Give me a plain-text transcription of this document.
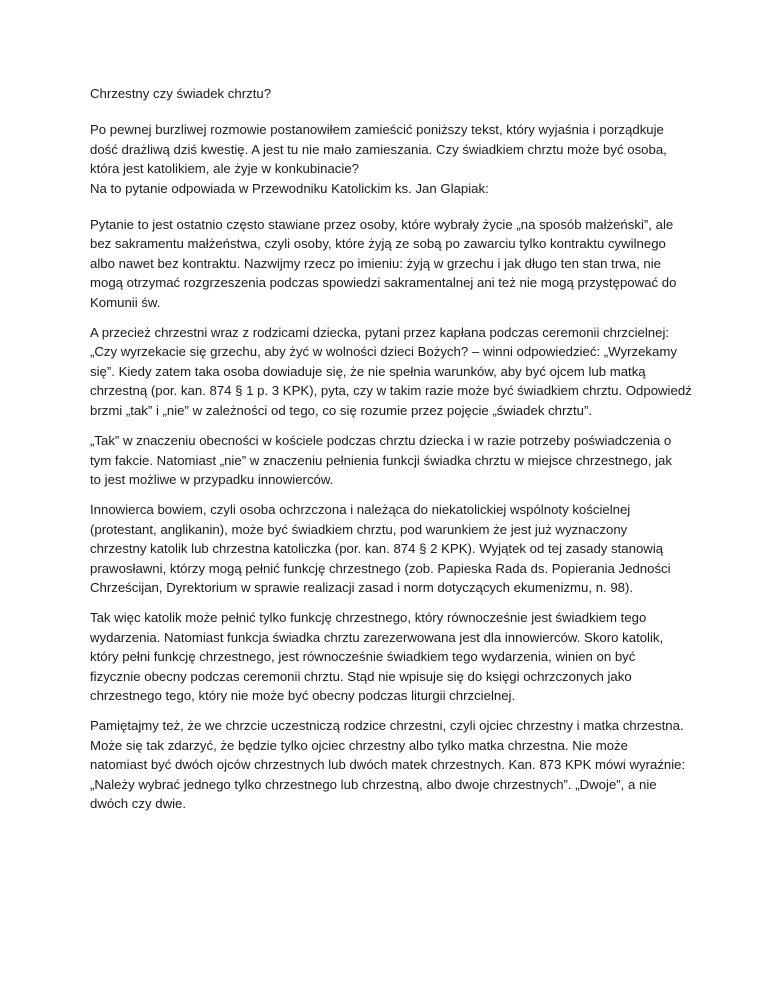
Chrzestny czy świadek chrztu?
Po pewnej burzliwej rozmowie postanowiłem zamieścić poniższy tekst, który wyjaśnia i porządkuje
dość drażliwą dziś kwestię. A jest tu nie mało zamieszania. Czy świadkiem chrztu może być osoba,
która jest katolikiem, ale żyje w konkubinacie?
Na to pytanie odpowiada w Przewodniku Katolickim ks. Jan Glapiak:
Pytanie to jest ostatnio często stawiane przez osoby, które wybrały życie „na sposób małżeński”, ale
bez sakramentu małżeństwa, czyli osoby, które żyją ze sobą po zawarciu tylko kontraktu cywilnego
albo nawet bez kontraktu. Nazwijmy rzecz po imieniu: żyją w grzechu i jak długo ten stan trwa, nie
mogą otrzymać rozgrzeszenia podczas spowiedzi sakramentalnej ani też nie mogą przystępować do
Komunii św.
A przecież chrzestni wraz z rodzicami dziecka, pytani przez kapłana podczas ceremonii chrzcielnej:
„Czy wyrzekacie się grzechu, aby żyć w wolności dzieci Bożych? – winni odpowiedzieć: „Wyrzekamy
się”. Kiedy zatem taka osoba dowiaduje się, że nie spełnia warunków, aby być ojcem lub matką
chrzestną (por. kan. 874 § 1 p. 3 KPK), pyta, czy w takim razie może być świadkiem chrztu. Odpowiedź
brzmi „tak” i „nie” w zależności od tego, co się rozumie przez pojęcie „świadek chrztu”.
„Tak” w znaczeniu obecności w kościele podczas chrztu dziecka i w razie potrzeby poświadczenia o
tym fakcie. Natomiast „nie” w znaczeniu pełnienia funkcji świadka chrztu w miejsce chrzestnego, jak
to jest możliwe w przypadku innowierców.
Innowierca bowiem, czyli osoba ochrzczona i należąca do niekatolickiej wspólnoty kościelnej
(protestant, anglikanin), może być świadkiem chrztu, pod warunkiem że jest już wyznaczony
chrzestny katolik lub chrzestna katoliczka (por. kan. 874 § 2 KPK). Wyjątek od tej zasady stanowią
prawosławni, którzy mogą pełnić funkcję chrzestnego (zob. Papieska Rada ds. Popierania Jedności
Chrześcijan, Dyrektorium w sprawie realizacji zasad i norm dotyczących ekumenizmu, n. 98).
Tak więc katolik może pełnić tylko funkcję chrzestnego, który równocześnie jest świadkiem tego
wydarzenia. Natomiast funkcja świadka chrztu zarezerwowana jest dla innowierców. Skoro katolik,
który pełni funkcję chrzestnego, jest równocześnie świadkiem tego wydarzenia, winien on być
fizycznie obecny podczas ceremonii chrztu. Stąd nie wpisuje się do księgi ochrzczonych jako
chrzestnego tego, który nie może być obecny podczas liturgii chrzcielnej.
Pamiętajmy też, że we chrzcie uczestniczą rodzice chrzestni, czyli ojciec chrzestny i matka chrzestna.
Może się tak zdarzyć, że będzie tylko ojciec chrzestny albo tylko matka chrzestna. Nie może
natomiast być dwóch ojców chrzestnych lub dwóch matek chrzestnych. Kan. 873 KPK mówi wyraźnie:
„Należy wybrać jednego tylko chrzestnego lub chrzestną, albo dwoje chrzestnych”. „Dwoje”, a nie
dwóch czy dwie.
